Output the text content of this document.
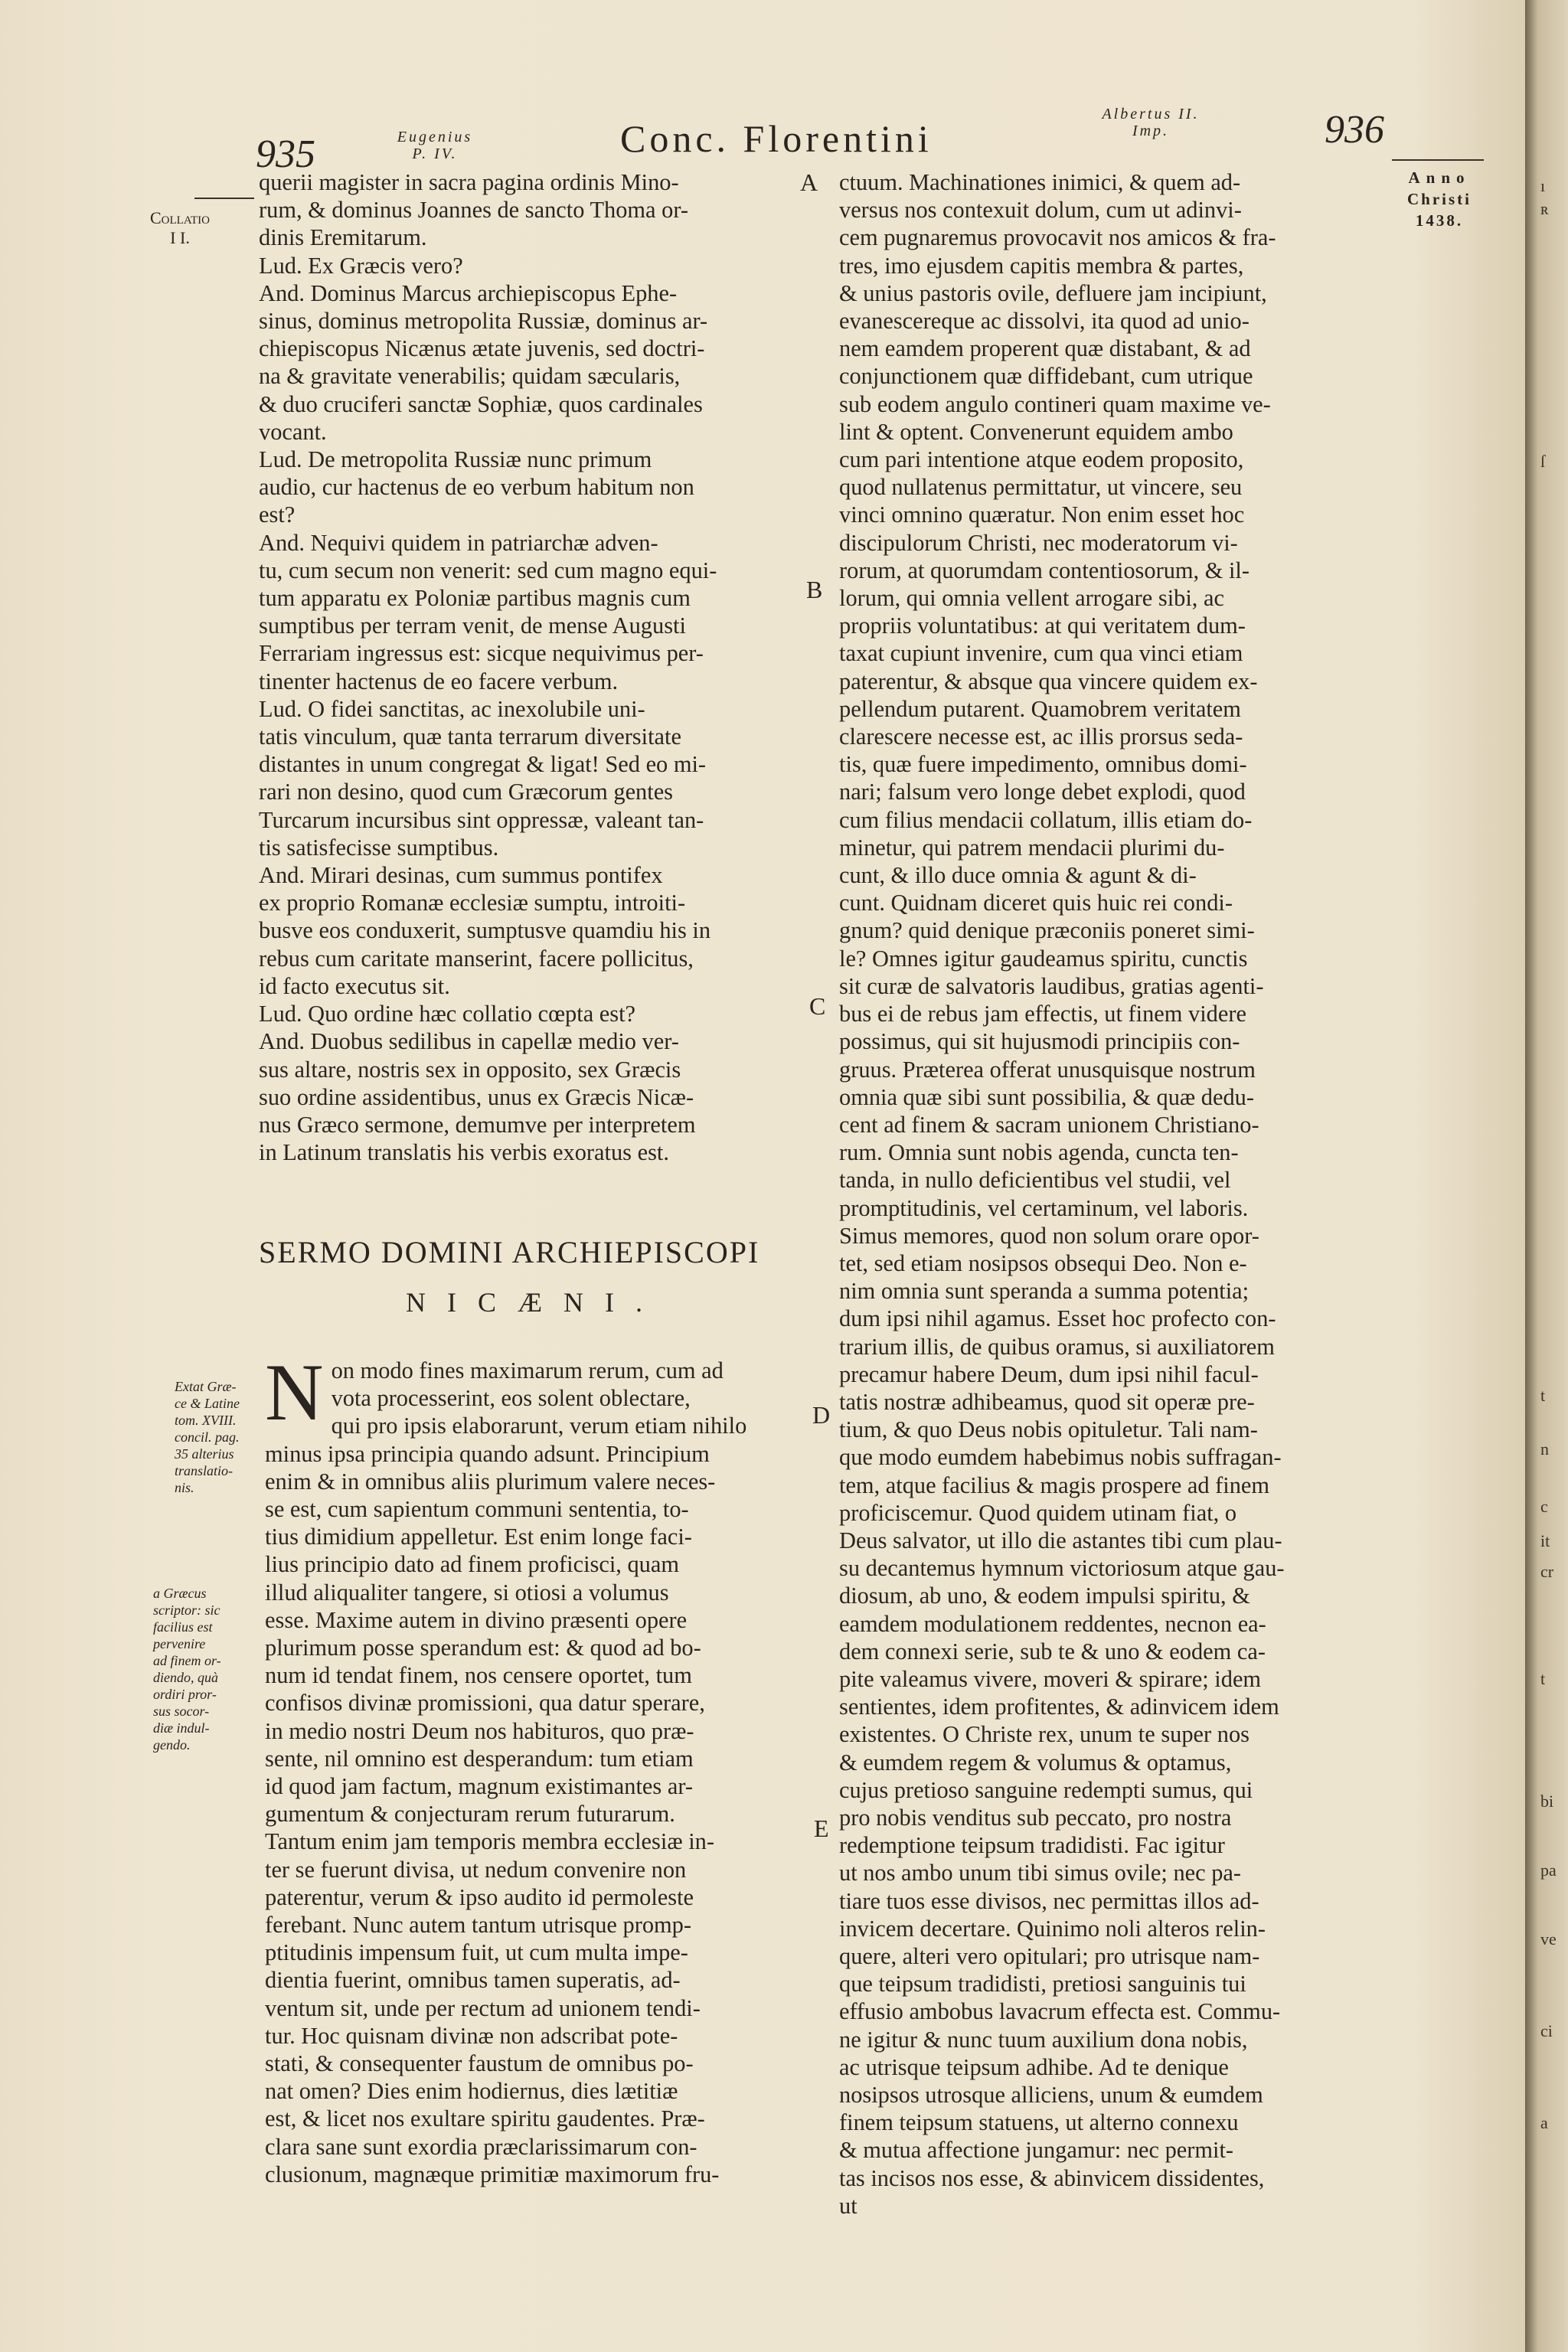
935	Eugenius
P. IV.	Conc. Florentini
Albertus II.
Imp.	936
Anno
Christi
1438.
Collatio
I I.
A
B
C
D
E
querii magister in sacra pagina ordinis Mino-
rum, & dominus Joannes de sancto Thoma or-
dinis Eremitarum.
Lud. Ex Græcis vero?
And. Dominus Marcus archiepiscopus Ephe-
sinus, dominus metropolita Russiæ, dominus ar-
chiepiscopus Nicænus ætate juvenis, sed doctri-
na & gravitate venerabilis; quidam sæcularis,
& duo cruciferi sanctæ Sophiæ, quos cardinales
vocant.
Lud. De metropolita Russiæ nunc primum
audio, cur hactenus de eo verbum habitum non
est?
And. Nequivi quidem in patriarchæ adven-
tu, cum secum non venerit: sed cum magno equi-
tum apparatu ex Poloniæ partibus magnis cum
sumptibus per terram venit, de mense Augusti
Ferrariam ingressus est: sicque nequivimus per-
tinenter hactenus de eo facere verbum.
Lud. O fidei sanctitas, ac inexolubile uni-
tatis vinculum, quæ tanta terrarum diversitate
distantes in unum congregat & ligat! Sed eo mi-
rari non desino, quod cum Græcorum gentes
Turcarum incursibus sint oppressæ, valeant tan-
tis satisfecisse sumptibus.
And. Mirari desinas, cum summus pontifex
ex proprio Romanæ ecclesiæ sumptu, introiti-
busve eos conduxerit, sumptusve quamdiu his in
rebus cum caritate manserint, facere pollicitus,
id facto executus sit.
Lud. Quo ordine hæc collatio cœpta est?
And. Duobus sedilibus in capellæ medio ver-
sus altare, nostris sex in opposito, sex Græcis
suo ordine assidentibus, unus ex Græcis Nicæ-
nus Græco sermone, demumve per interpretem
in Latinum translatis his verbis exoratus est.
SERMO DOMINI ARCHIEPISCOPI
NICÆNI.
Extat Græ-
ce & Latine
tom. XVIII.
concil. pag.
35 alterius
translatio-
nis.
a Græcus
scriptor: sic
facilius est
pervenire
ad finem or-
diendo, quà
ordiri pror-
sus socor-
diæ indul-
gendo.
N on modo fines maximarum rerum, cum ad
vota processerint, eos solent oblectare,
qui pro ipsis elaborarunt, verum etiam nihilo
minus ipsa principia quando adsunt. Principium
enim & in omnibus aliis plurimum valere neces-
se est, cum sapientum communi sententia, to-
tius dimidium appelletur. Est enim longe faci-
lius principio dato ad finem proficisci, quam
illud aliqualiter tangere, si otiosi a volumus
esse. Maxime autem in divino præsenti opere
plurimum posse sperandum est: & quod ad bo-
num id tendat finem, nos censere oportet, tum
confisos divinæ promissioni, qua datur sperare,
in medio nostri Deum nos habituros, quo præ-
sente, nil omnino est desperandum: tum etiam
id quod jam factum, magnum existimantes ar-
gumentum & conjecturam rerum futurarum.
Tantum enim jam temporis membra ecclesiæ in-
ter se fuerunt divisa, ut nedum convenire non
paterentur, verum & ipso audito id permoleste
ferebant. Nunc autem tantum utrisque promp-
ptitudinis impensum fuit, ut cum multa impe-
dientia fuerint, omnibus tamen superatis, ad-
ventum sit, unde per rectum ad unionem tendi-
tur. Hoc quisnam divinæ non adscribat pote-
stati, & consequenter faustum de omnibus po-
nat omen? Dies enim hodiernus, dies lætitiæ
est, & licet nos exultare spiritu gaudentes. Præ-
clara sane sunt exordia præclarissimarum con-
clusionum, magnæque primitiæ maximorum fru-
ctuum. Machinationes inimici, & quem ad-
versus nos contexuit dolum, cum ut adinvi-
cem pugnaremus provocavit nos amicos & fra-
tres, imo ejusdem capitis membra & partes,
& unius pastoris ovile, defluere jam incipiunt,
evanescereque ac dissolvi, ita quod ad unio-
nem eamdem properent quæ distabant, & ad
conjunctionem quæ diffidebant, cum utrique
sub eodem angulo contineri quam maxime ve-
lint & optent. Convenerunt equidem ambo
cum pari intentione atque eodem proposito,
quod nullatenus permittatur, ut vincere, seu
vinci omnino quæratur. Non enim esset hoc
discipulorum Christi, nec moderatorum vi-
rorum, at quorumdam contentiosorum, & il-
lorum, qui omnia vellent arrogare sibi, ac
propriis voluntatibus: at qui veritatem dum-
taxat cupiunt invenire, cum qua vinci etiam
paterentur, & absque qua vincere quidem ex-
pellendum putarent. Quamobrem veritatem
clarescere necesse est, ac illis prorsus seda-
tis, quæ fuere impedimento, omnibus domi-
nari; falsum vero longe debet explodi, quod
cum filius mendacii collatum, illis etiam do-
minetur, qui patrem mendacii plurimi du-
cunt, & illo duce omnia & agunt & di-
cunt. Quidnam diceret quis huic rei condi-
gnum? quid denique præconiis poneret simi-
le? Omnes igitur gaudeamus spiritu, cunctis
sit curæ de salvatoris laudibus, gratias agenti-
bus ei de rebus jam effectis, ut finem videre
possimus, qui sit hujusmodi principiis con-
gruus. Præterea offerat unusquisque nostrum
omnia quæ sibi sunt possibilia, & quæ dedu-
cent ad finem & sacram unionem Christiano-
rum. Omnia sunt nobis agenda, cuncta ten-
tanda, in nullo deficientibus vel studii, vel
promptitudinis, vel certaminum, vel laboris.
Simus memores, quod non solum orare opor-
tet, sed etiam nosipsos obsequi Deo. Non e-
nim omnia sunt speranda a summa potentia;
dum ipsi nihil agamus. Esset hoc profecto con-
trarium illis, de quibus oramus, si auxiliatorem
precamur habere Deum, dum ipsi nihil facul-
tatis nostræ adhibeamus, quod sit operæ pre-
tium, & quo Deus nobis opituletur. Tali nam-
que modo eumdem habebimus nobis suffragan-
tem, atque facilius & magis prospere ad finem
proficiscemur. Quod quidem utinam fiat, o
Deus salvator, ut illo die astantes tibi cum plau-
su decantemus hymnum victoriosum atque gau-
diosum, ab uno, & eodem impulsi spiritu, &
eamdem modulationem reddentes, necnon ea-
dem connexi serie, sub te & uno & eodem ca-
pite valeamus vivere, moveri & spirare; idem
sentientes, idem profitentes, & adinvicem idem
existentes. O Christe rex, unum te super nos
& eumdem regem & volumus & optamus,
cujus pretioso sanguine redempti sumus, qui
pro nobis venditus sub peccato, pro nostra
redemptione teipsum tradidisti. Fac igitur
ut nos ambo unum tibi simus ovile; nec pa-
tiare tuos esse divisos, nec permittas illos ad-
invicem decertare. Quinimo noli alteros relin-
quere, alteri vero opitulari; pro utrisque nam-
que teipsum tradidisti, pretiosi sanguinis tui
effusio ambobus lavacrum effecta est. Commu-
ne igitur & nunc tuum auxilium dona nobis,
ac utrisque teipsum adhibe. Ad te denique
nosipsos utrosque alliciens, unum & eumdem
finem teipsum statuens, ut alterno connexu
& mutua affectione jungamur: nec permit-
tas incisos nos esse, & abinvicem dissidentes,
ut
ı
ʀ
ſ
t
n
c
it
cr
t
bi
pa
ve
ci
a
